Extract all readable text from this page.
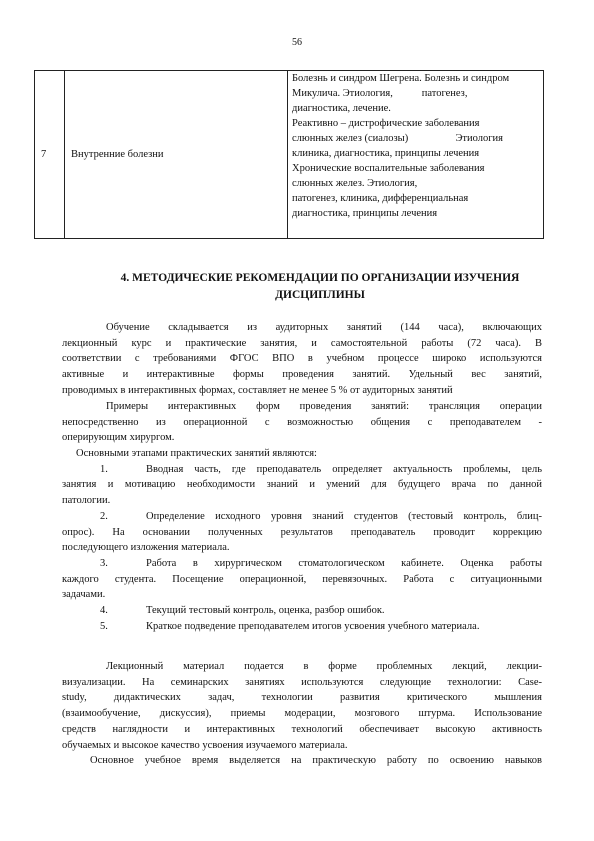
56
7	Внутренние болезни	
Болезнь и синдром Шегрена. Болезнь и синдром
Микулича. Этиология,           патогенез,
диагностика, лечение.
Реактивно – дистрофические заболевания
слюнных желез (сиалозы)                  Этиология
клиника, диагностика, принципы лечения
Хронические воспалительные заболевания
слюнных желез. Этиология,
патогенез, клиника, дифференциальная
диагностика, принципы лечения
4. МЕТОДИЧЕСКИЕ РЕКОМЕНДАЦИИ ПО ОРГАНИЗАЦИИ ИЗУЧЕНИЯ
ДИСЦИПЛИНЫ
Обучение складывается из аудиторных занятий (144 часа), включающих
лекционный курс и практические занятия, и самостоятельной работы (72 часа). В
соответствии с требованиями ФГОС ВПО в учебном процессе широко используются
активные и интерактивные формы проведения занятий. Удельный вес занятий,
проводимых в интерактивных формах, составляет не менее 5 % от аудиторных занятий
Примеры интерактивных форм проведения занятий: трансляция операции
непосредственно из операционной с возможностью общения с преподавателем -
оперирующим хирургом.
Основными этапами практических занятий являются:
1.	Вводная часть, где преподаватель определяет актуальность проблемы, цель
занятия и мотивацию необходимости знаний и умений для будущего врача по данной
патологии.
2.	Определение исходного уровня знаний студентов (тестовый контроль, блиц-
опрос). На основании полученных результатов преподаватель проводит коррекцию
последующего изложения материала.
3.	Работа в хирургическом стоматологическом кабинете. Оценка работы
каждого студента. Посещение операционной, перевязочных. Работа с ситуационными
задачами.
4.	Текущий тестовый контроль, оценка, разбор ошибок.
5.	Краткое подведение преподавателем итогов усвоения учебного материала.
Лекционный материал подается в форме проблемных лекций, лекции-
визуализации. На семинарских занятиях используются следующие технологии: Case-
study, дидактических задач, технологии развития критического мышления
(взаимообучение, дискуссия), приемы модерации, мозгового штурма. Использование
средств наглядности и интерактивных технологий обеспечивает высокую активность
обучаемых и высокое качество усвоения изучаемого материала.
Основное учебное время выделяется на практическую работу по освоению навыков
